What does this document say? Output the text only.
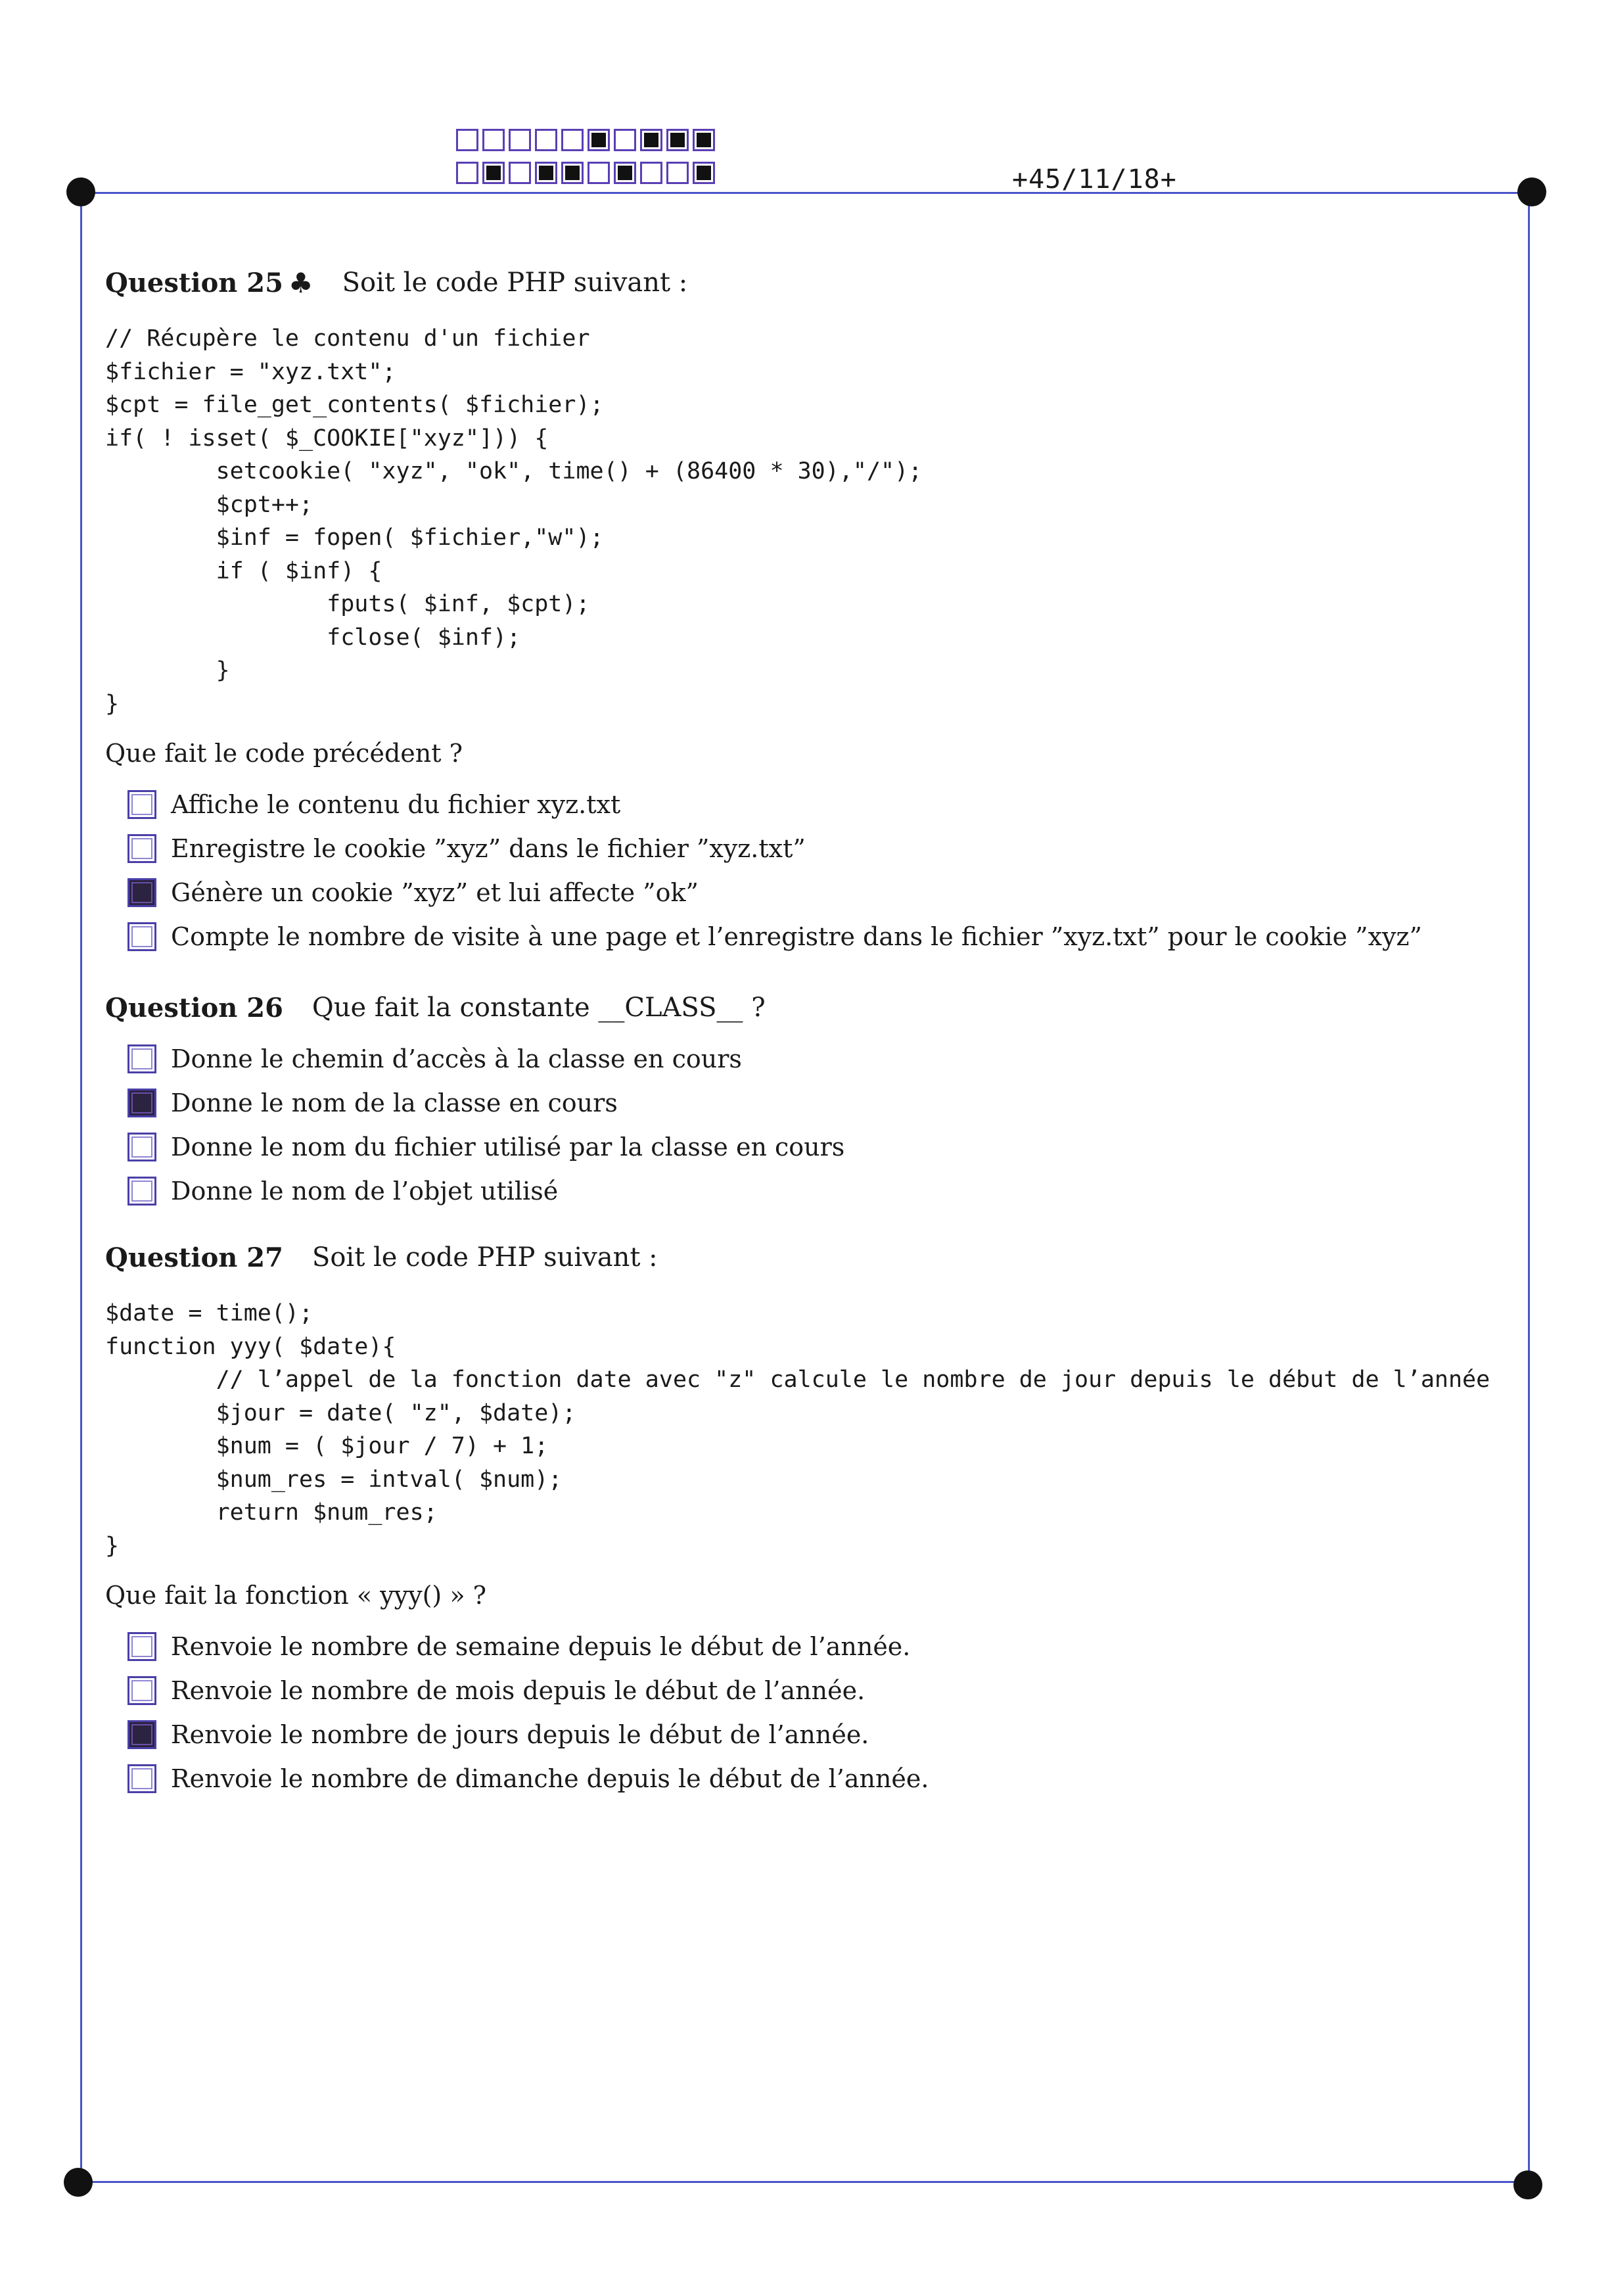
+45/11/18+
Question 25 ♣ Soit le code PHP suivant :
// Récupère le contenu d'un fichier
$fichier = "xyz.txt";
$cpt = file_get_contents( $fichier);
if( ! isset( $_COOKIE["xyz"])) {
setcookie( "xyz", "ok", time() + (86400 * 30),"/");
$cpt++;
$inf = fopen( $fichier,"w");
if ( $inf) {
fputs( $inf, $cpt);
fclose( $inf);
}
}
Que fait le code précédent ?
Affiche le contenu du fichier xyz.txt
Enregistre le cookie ”xyz” dans le fichier ”xyz.txt”
Génère un cookie ”xyz” et lui affecte ”ok”
Compte le nombre de visite à une page et l’enregistre dans le fichier ”xyz.txt” pour le cookie ”xyz”
Question 26 Que fait la constante __CLASS__ ?
Donne le chemin d’accès à la classe en cours
Donne le nom de la classe en cours
Donne le nom du fichier utilisé par la classe en cours
Donne le nom de l’objet utilisé
Question 27 Soit le code PHP suivant :
$date = time();
function yyy( $date){
// l’appel de la fonction date avec "z" calcule le nombre de jour depuis le début de l’année
$jour = date( "z", $date);
$num = ( $jour / 7) + 1;
$num_res = intval( $num);
return $num_res;
}
Que fait la fonction « yyy() » ?
Renvoie le nombre de semaine depuis le début de l’année.
Renvoie le nombre de mois depuis le début de l’année.
Renvoie le nombre de jours depuis le début de l’année.
Renvoie le nombre de dimanche depuis le début de l’année.
